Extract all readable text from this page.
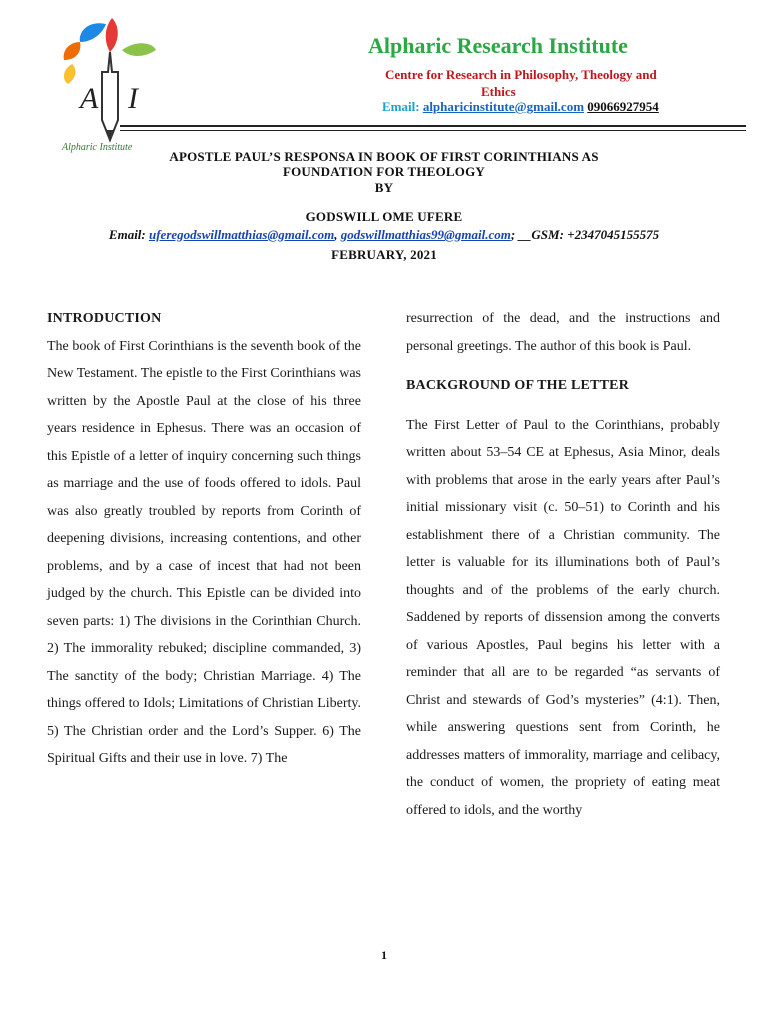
A I
Alpharic Institute
Alpharic Research Institute
Centre for Research in Philosophy, Theology and
Ethics
Email: alpharicinstitute@gmail.com 09066927954
APOSTLE PAUL’S RESPONSA IN BOOK OF FIRST CORINTHIANS AS
FOUNDATION FOR THEOLOGY
BY
GODSWILL OME UFERE
Email: uferegodswillmatthias@gmail.com, godswillmatthias99@gmail.com; __GSM: +2347045155575
FEBRUARY, 2021
INTRODUCTION

The book of First Corinthians is the seventh book of the New Testament. The epistle to the First Corinthians was written by the Apostle Paul at the close of his three years residence in Ephesus. There was an occasion of this Epistle of a letter of inquiry concerning such things as marriage and the use of foods offered to idols. Paul was also greatly troubled by reports from Corinth of deepening divisions, increasing contentions, and other problems, and by a case of incest that had not been judged by the church. This Epistle can be divided into seven parts: 1) The divisions in the Corinthian Church. 2) The immorality rebuked; discipline commanded, 3) The sanctity of the body; Christian Marriage. 4) The things offered to Idols; Limitations of Christian Liberty. 5) The Christian order and the Lord’s Supper. 6) The Spiritual Gifts and their use in love. 7) The

resurrection of the dead, and the instructions and personal greetings. The author of this book is Paul.

BACKGROUND OF THE LETTER

The First Letter of Paul to the Corinthians, probably written about 53–54 CE at Ephesus, Asia Minor, deals with problems that arose in the early years after Paul’s initial missionary visit (c. 50–51) to Corinth and his establishment there of a Christian community. The letter is valuable for its illuminations both of Paul’s thoughts and of the problems of the early church. Saddened by reports of dissension among the converts of various Apostles, Paul begins his letter with a reminder that all are to be regarded “as servants of Christ and stewards of God’s mysteries” (4:1). Then, while answering questions sent from Corinth, he addresses matters of immorality, marriage and celibacy, the conduct of women, the propriety of eating meat offered to idols, and the worthy

1
